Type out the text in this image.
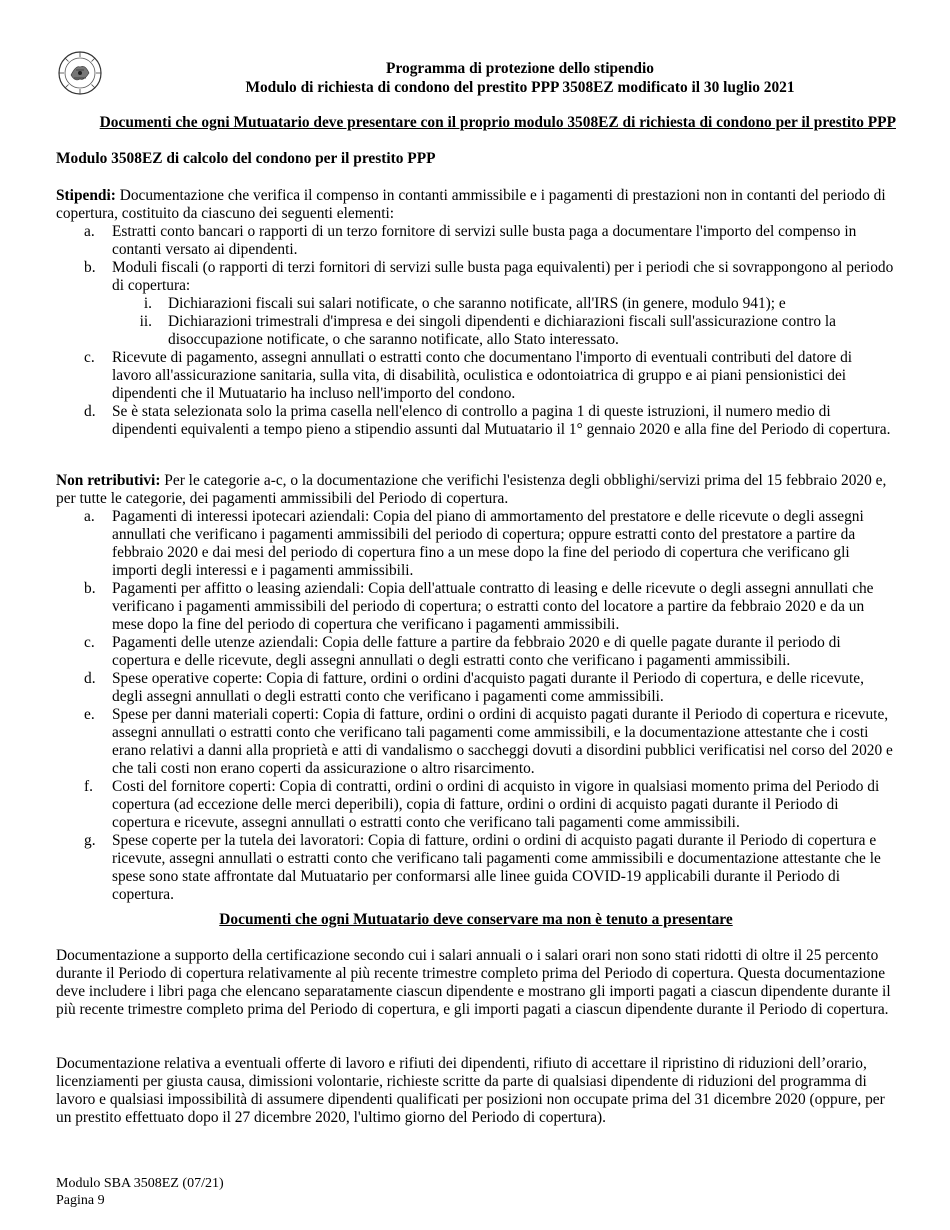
Programma di protezione dello stipendio
Modulo di richiesta di condono del prestito PPP 3508EZ modificato il 30 luglio 2021
Documenti che ogni Mutuatario deve presentare con il proprio modulo 3508EZ di richiesta di condono per il prestito PPP
Modulo 3508EZ di calcolo del condono per il prestito PPP

Stipendi: Documentazione che verifica il compenso in contanti ammissibile e i pagamenti di prestazioni non in contanti del periodo di copertura, costituito da ciascuno dei seguenti elementi:

a. Estratti conto bancari o rapporti di un terzo fornitore di servizi sulle busta paga a documentare l'importo del compenso in contanti versato ai dipendenti.
b. Moduli fiscali (o rapporti di terzi fornitori di servizi sulle busta paga equivalenti) per i periodi che si sovrappongono al periodo di copertura:
i. Dichiarazioni fiscali sui salari notificate, o che saranno notificate, all'IRS (in genere, modulo 941); e
ii. Dichiarazioni trimestrali d'impresa e dei singoli dipendenti e dichiarazioni fiscali sull'assicurazione contro la disoccupazione notificate, o che saranno notificate, allo Stato interessato.
c. Ricevute di pagamento, assegni annullati o estratti conto che documentano l'importo di eventuali contributi del datore di lavoro all'assicurazione sanitaria, sulla vita, di disabilità, oculistica e odontoiatrica di gruppo e ai piani pensionistici dei dipendenti che il Mutuatario ha incluso nell'importo del condono.
d. Se è stata selezionata solo la prima casella nell'elenco di controllo a pagina 1 di queste istruzioni, il numero medio di dipendenti equivalenti a tempo pieno a stipendio assunti dal Mutuatario il 1° gennaio 2020 e alla fine del Periodo di copertura.

Non retributivi: Per le categorie a-c, o la documentazione che verifichi l'esistenza degli obblighi/servizi prima del 15 febbraio 2020 e, per tutte le categorie, dei pagamenti ammissibili del Periodo di copertura.

a. Pagamenti di interessi ipotecari aziendali: Copia del piano di ammortamento del prestatore e delle ricevute o degli assegni annullati che verificano i pagamenti ammissibili del periodo di copertura; oppure estratti conto del prestatore a partire da febbraio 2020 e dai mesi del periodo di copertura fino a un mese dopo la fine del periodo di copertura che verificano gli importi degli interessi e i pagamenti ammissibili.
b. Pagamenti per affitto o leasing aziendali: Copia dell'attuale contratto di leasing e delle ricevute o degli assegni annullati che verificano i pagamenti ammissibili del periodo di copertura; o estratti conto del locatore a partire da febbraio 2020 e da un mese dopo la fine del periodo di copertura che verificano i pagamenti ammissibili.
c. Pagamenti delle utenze aziendali: Copia delle fatture a partire da febbraio 2020 e di quelle pagate durante il periodo di copertura e delle ricevute, degli assegni annullati o degli estratti conto che verificano i pagamenti ammissibili.
d. Spese operative coperte: Copia di fatture, ordini o ordini d'acquisto pagati durante il Periodo di copertura, e delle ricevute, degli assegni annullati o degli estratti conto che verificano i pagamenti come ammissibili.
e. Spese per danni materiali coperti: Copia di fatture, ordini o ordini di acquisto pagati durante il Periodo di copertura e ricevute, assegni annullati o estratti conto che verificano tali pagamenti come ammissibili, e la documentazione attestante che i costi erano relativi a danni alla proprietà e atti di vandalismo o saccheggi dovuti a disordini pubblici verificatisi nel corso del 2020 e che tali costi non erano coperti da assicurazione o altro risarcimento.
f. Costi del fornitore coperti: Copia di contratti, ordini o ordini di acquisto in vigore in qualsiasi momento prima del Periodo di copertura (ad eccezione delle merci deperibili), copia di fatture, ordini o ordini di acquisto pagati durante il Periodo di copertura e ricevute, assegni annullati o estratti conto che verificano tali pagamenti come ammissibili.
g. Spese coperte per la tutela dei lavoratori: Copia di fatture, ordini o ordini di acquisto pagati durante il Periodo di copertura e ricevute, assegni annullati o estratti conto che verificano tali pagamenti come ammissibili e documentazione attestante che le spese sono state affrontate dal Mutuatario per conformarsi alle linee guida COVID-19 applicabili durante il Periodo di copertura.
Documenti che ogni Mutuatario deve conservare ma non è tenuto a presentare

Documentazione a supporto della certificazione secondo cui i salari annuali o i salari orari non sono stati ridotti di oltre il 25 percento durante il Periodo di copertura relativamente al più recente trimestre completo prima del Periodo di copertura. Questa documentazione deve includere i libri paga che elencano separatamente ciascun dipendente e mostrano gli importi pagati a ciascun dipendente durante il più recente trimestre completo prima del Periodo di copertura, e gli importi pagati a ciascun dipendente durante il Periodo di copertura.

Documentazione relativa a eventuali offerte di lavoro e rifiuti dei dipendenti, rifiuto di accettare il ripristino di riduzioni dell’orario, licenziamenti per giusta causa, dimissioni volontarie, richieste scritte da parte di qualsiasi dipendente di riduzioni del programma di lavoro e qualsiasi impossibilità di assumere dipendenti qualificati per posizioni non occupate prima del 31 dicembre 2020 (oppure, per un prestito effettuato dopo il 27 dicembre 2020, l'ultimo giorno del Periodo di copertura).

Modulo SBA 3508EZ (07/21)
Pagina 9
